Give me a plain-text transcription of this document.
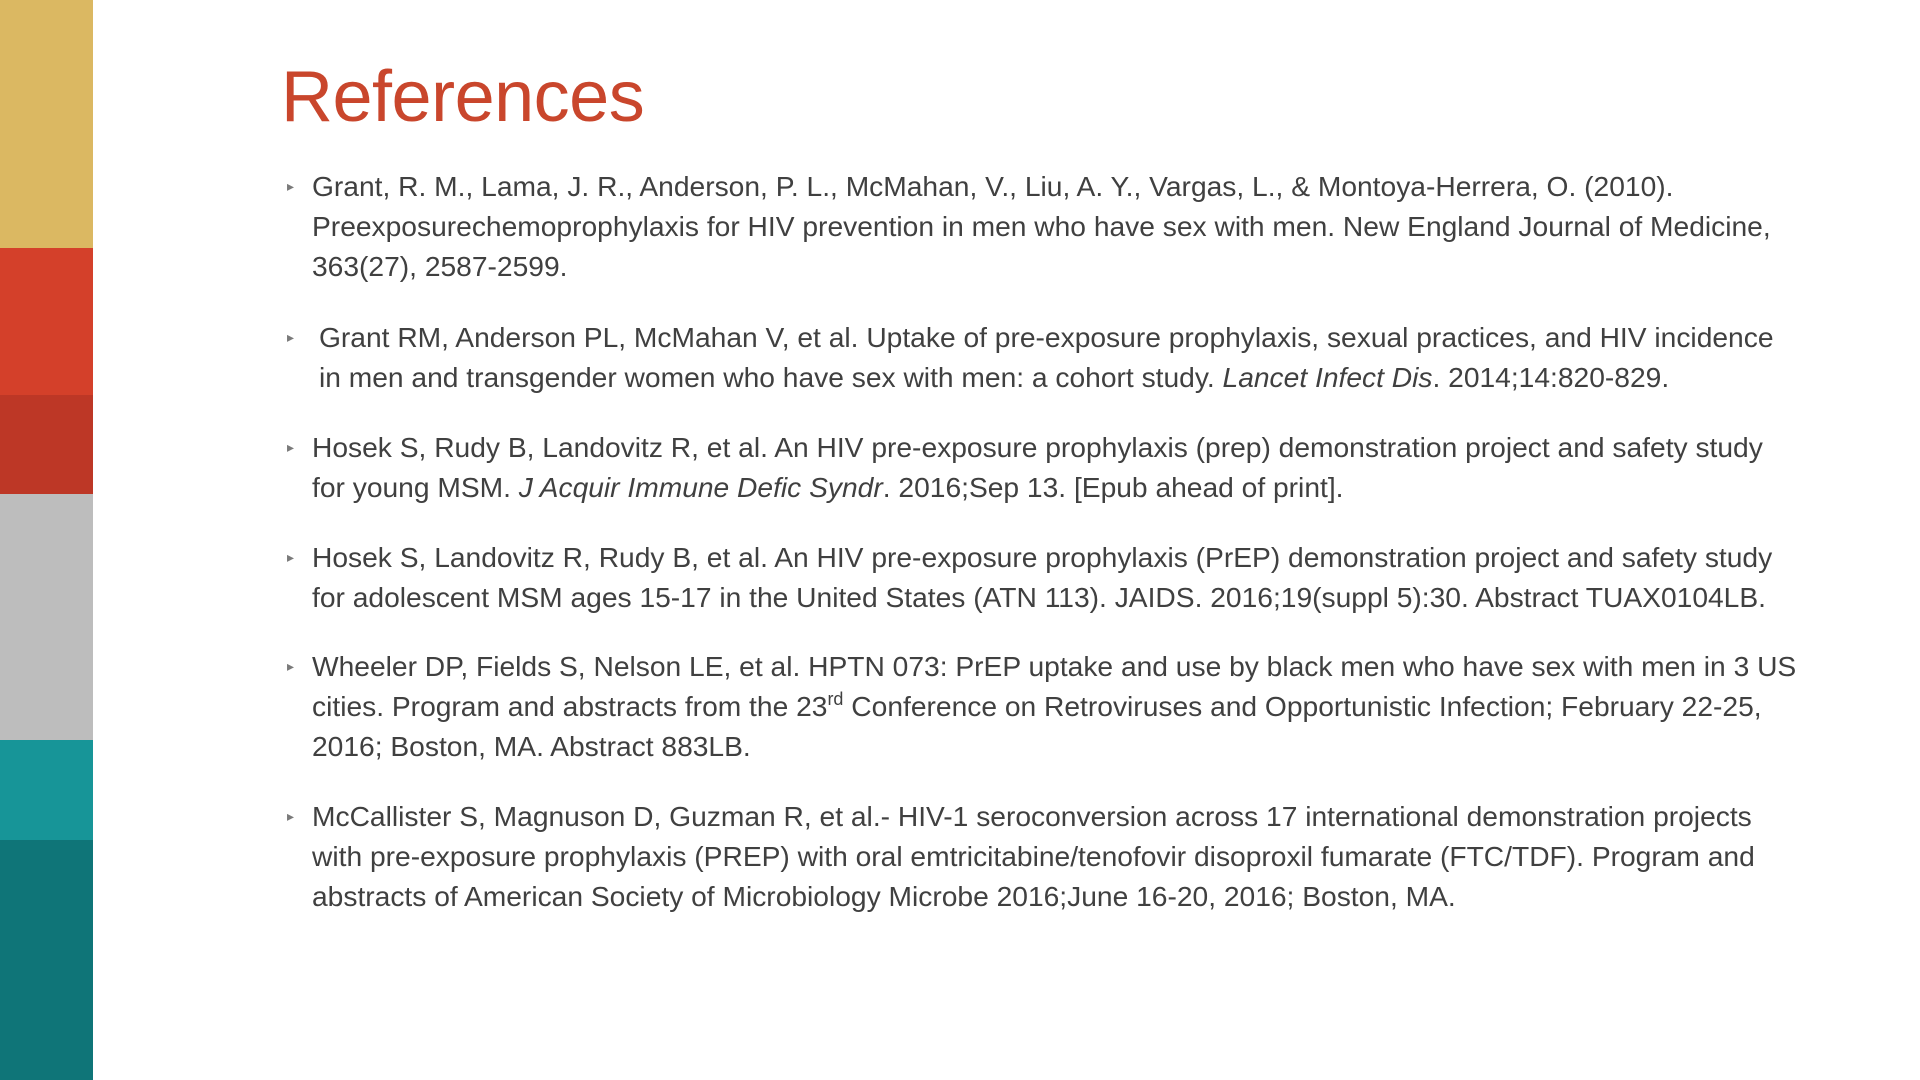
References
▸ Grant, R. M., Lama, J. R., Anderson, P. L., McMahan, V., Liu, A. Y., Vargas, L., & Montoya-Herrera, O. (2010). Preexposurechemoprophylaxis for HIV prevention in men who have sex with men. New England Journal of Medicine, 363(27), 2587-2599.
▸ Grant RM, Anderson PL, McMahan V, et al. Uptake of pre-exposure prophylaxis, sexual practices, and HIV incidence in men and transgender women who have sex with men: a cohort study. Lancet Infect Dis. 2014;14:820-829.
▸ Hosek S, Rudy B, Landovitz R, et al. An HIV pre-exposure prophylaxis (prep) demonstration project and safety study for young MSM. J Acquir Immune Defic Syndr. 2016;Sep 13. [Epub ahead of print].
▸ Hosek S, Landovitz R, Rudy B, et al. An HIV pre-exposure prophylaxis (PrEP) demonstration project and safety study for adolescent MSM ages 15-17 in the United States (ATN 113). JAIDS. 2016;19(suppl 5):30. Abstract TUAX0104LB.
▸ Wheeler DP, Fields S, Nelson LE, et al. HPTN 073: PrEP uptake and use by black men who have sex with men in 3 US cities. Program and abstracts from the 23rd Conference on Retroviruses and Opportunistic Infection; February 22-25, 2016; Boston, MA. Abstract 883LB.
▸ McCallister S, Magnuson D, Guzman R, et al.- HIV-1 seroconversion across 17 international demonstration projects with pre-exposure prophylaxis (PREP) with oral emtricitabine/tenofovir disoproxil fumarate (FTC/TDF). Program and abstracts of American Society of Microbiology Microbe 2016;June 16-20, 2016; Boston, MA.
